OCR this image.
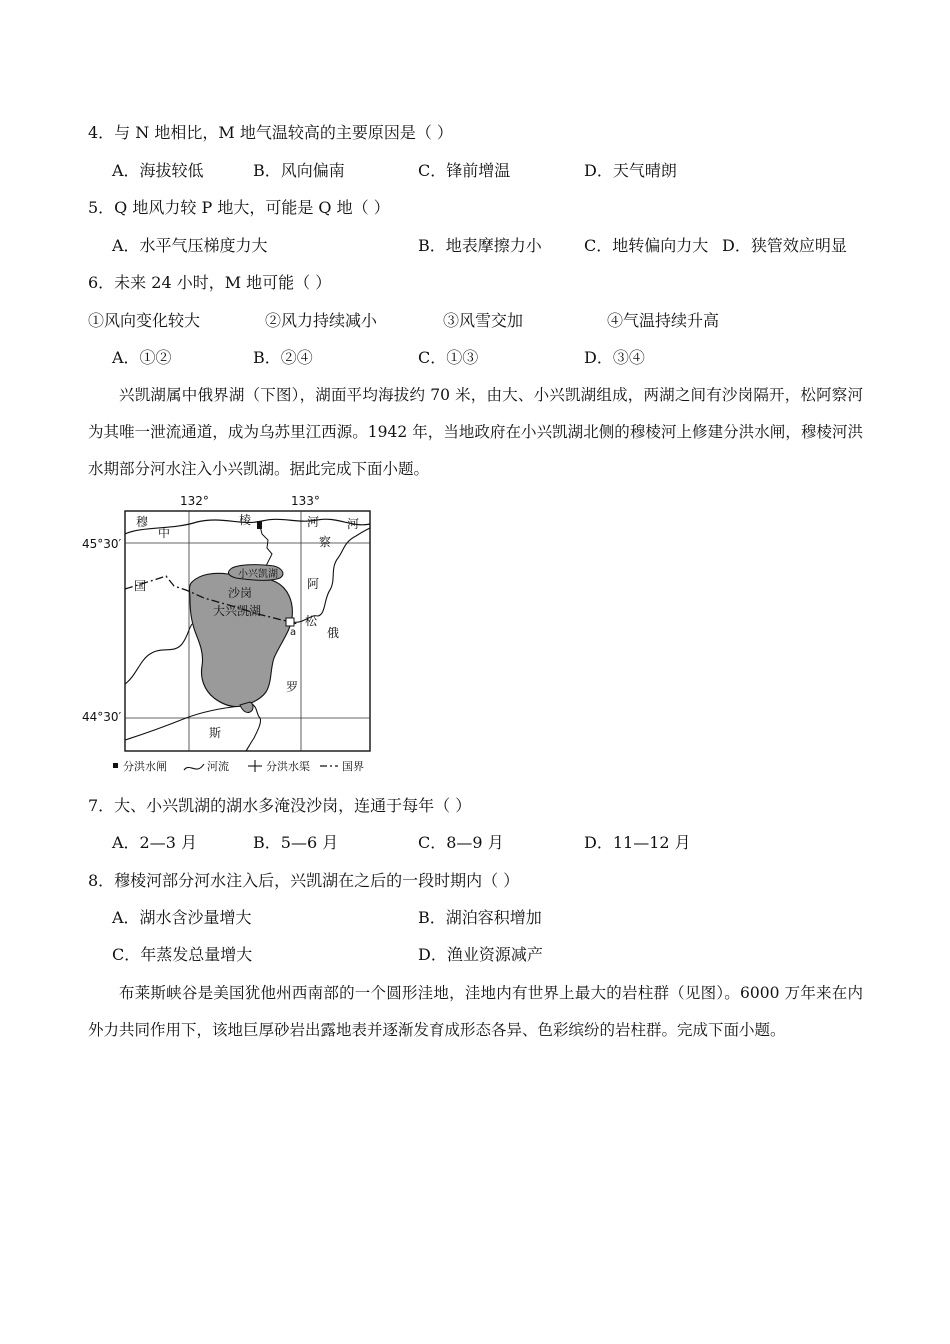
4．与 N 地相比，M 地气温较高的主要原因是（ ）
A．海拔较低	B．风向偏南	C．锋前增温	D．天气晴朗
5．Q 地风力较 P 地大，可能是 Q 地（ ）
A．水平气压梯度力大	B．地表摩擦力小	C．地转偏向力大 D．狭管效应明显
6．未来 24 小时，M 地可能（ ）
①风向变化较大	②风力持续减小	③风雪交加	④气温持续升高
A．①②	B．②④	C．①③	D．③④
兴凯湖属中俄界湖（下图），湖面平均海拔约 70 米，由大、小兴凯湖组成，两湖之间有沙岗隔开，松阿察河为其唯一泄流通道，成为乌苏里江西源。1942 年，当地政府在小兴凯湖北侧的穆棱河上修建分洪水闸，穆棱河洪水期部分河水注入小兴凯湖。据此完成下面小题。
132°	133°
45°30′
44°30′
穆
中
国
棱	河 河
察
阿
松
俄
罗
斯
小兴凯湖
沙岗
大兴凯湖
a
分洪水闸	河流	分洪水渠	国界
7．大、小兴凯湖的湖水多淹没沙岗，连通于每年（ ）
A．2—3 月	B．5—6 月	C．8—9 月	D．11—12 月
8．穆棱河部分河水注入后，兴凯湖在之后的一段时期内（ ）
A．湖水含沙量增大	B．湖泊容积增加
C．年蒸发总量增大	D．渔业资源减产
布莱斯峡谷是美国犹他州西南部的一个圆形洼地，洼地内有世界上最大的岩柱群（见图）。6000 万年来在内外力共同作用下，该地巨厚砂岩出露地表并逐渐发育成形态各异、色彩缤纷的岩柱群。完成下面小题。
